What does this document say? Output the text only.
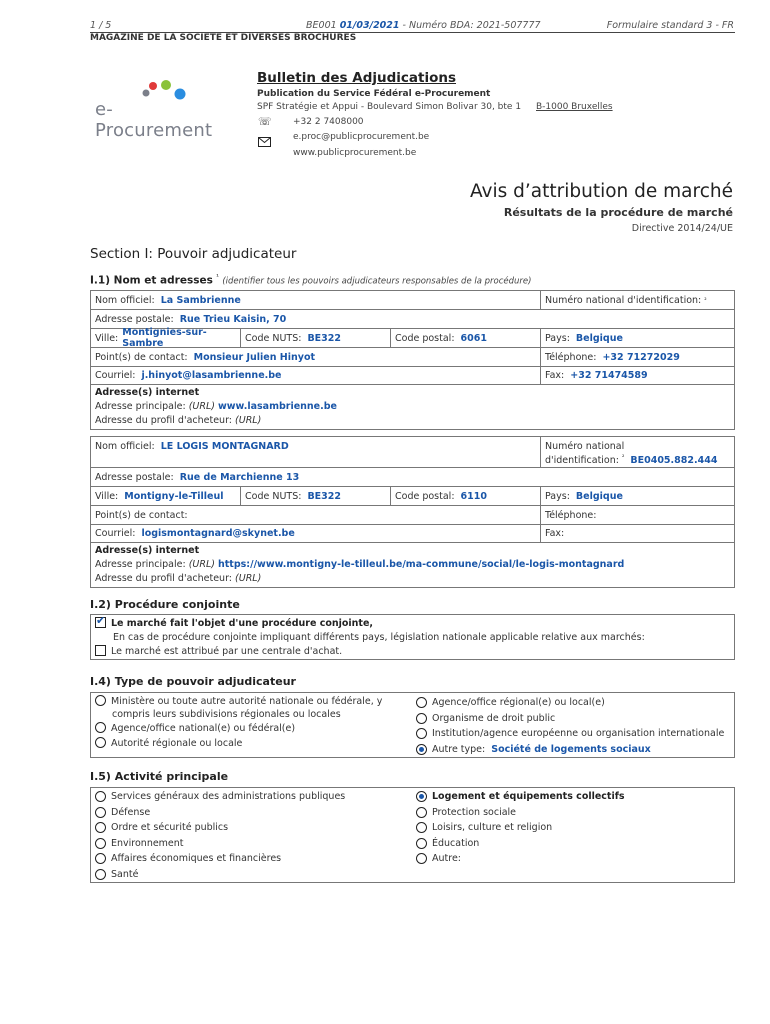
1 / 5	BE001 01/03/2021 - Numéro BDA: 2021-507777	Formulaire standard 3 - FR
MAGAZINE DE LA SOCIETE ET DIVERSES BROCHURES
e-Procurement
Bulletin des Adjudications
Publication du Service Fédéral e-Procurement
SPF Stratégie et Appui - Boulevard Simon Bolivar 30, bte 1 B-1000 Bruxelles
☏ +32 2 7408000
e.proc@publicprocurement.be
www.publicprocurement.be
Avis d’attribution de marché
Résultats de la procédure de marché
Directive 2014/24/UE
Section I: Pouvoir adjudicateur
I.1) Nom et adresses $^{^1}$ (identifier tous les pouvoirs adjudicateurs responsables de la procédure)
Nom officiel: La Sambrienne	Numéro national d'identification: ²
Adresse postale: Rue Trieu Kaisin, 70
Ville: Montignies-sur-Sambre	Code NUTS: BE322	Code postal: 6061	Pays: Belgique
Point(s) de contact: Monsieur Julien Hinyot	Téléphone: +32 71272029
Courriel: j.hinyot@lasambrienne.be	Fax: +32 71474589
Adresse(s) internet
Adresse principale: (URL) www.lasambrienne.be
Adresse du profil d'acheteur: (URL)
Nom officiel: LE LOGIS MONTAGNARD	Numéro national
d'identification: $^{^2}$ BE0405.882.444
Adresse postale: Rue de Marchienne 13
Ville: Montigny-le-Tilleul Code NUTS: BE322	Code postal: 6110	Pays: Belgique
Point(s) de contact:	Téléphone:
Courriel: logismontagnard@skynet.be	Fax:
Adresse(s) internet
Adresse principale: (URL) https://www.montigny-le-tilleul.be/ma-commune/social/le-logis-montagnard
Adresse du profil d'acheteur: (URL)
I.2) Procédure conjointe
✔Le marché fait l'objet d'une procédure conjointe,
En cas de procédure conjointe impliquant différents pays, législation nationale applicable relative aux marchés:
Le marché est attribué par une centrale d'achat.
I.4) Type de pouvoir adjudicateur
Ministère ou toute autre autorité nationale ou fédérale, y
compris leurs subdivisions régionales ou locales
Agence/office national(e) ou fédéral(e)
Autorité régionale ou locale
Agence/office régional(e) ou local(e)
Organisme de droit public
Institution/agence européenne ou organisation internationale
Autre type: Société de logements sociaux
I.5) Activité principale
Services généraux des administrations publiques
Défense
Ordre et sécurité publics
Environnement
Affaires économiques et financières
Santé
Logement et équipements collectifs
Protection sociale
Loisirs, culture et religion
Éducation
Autre:
